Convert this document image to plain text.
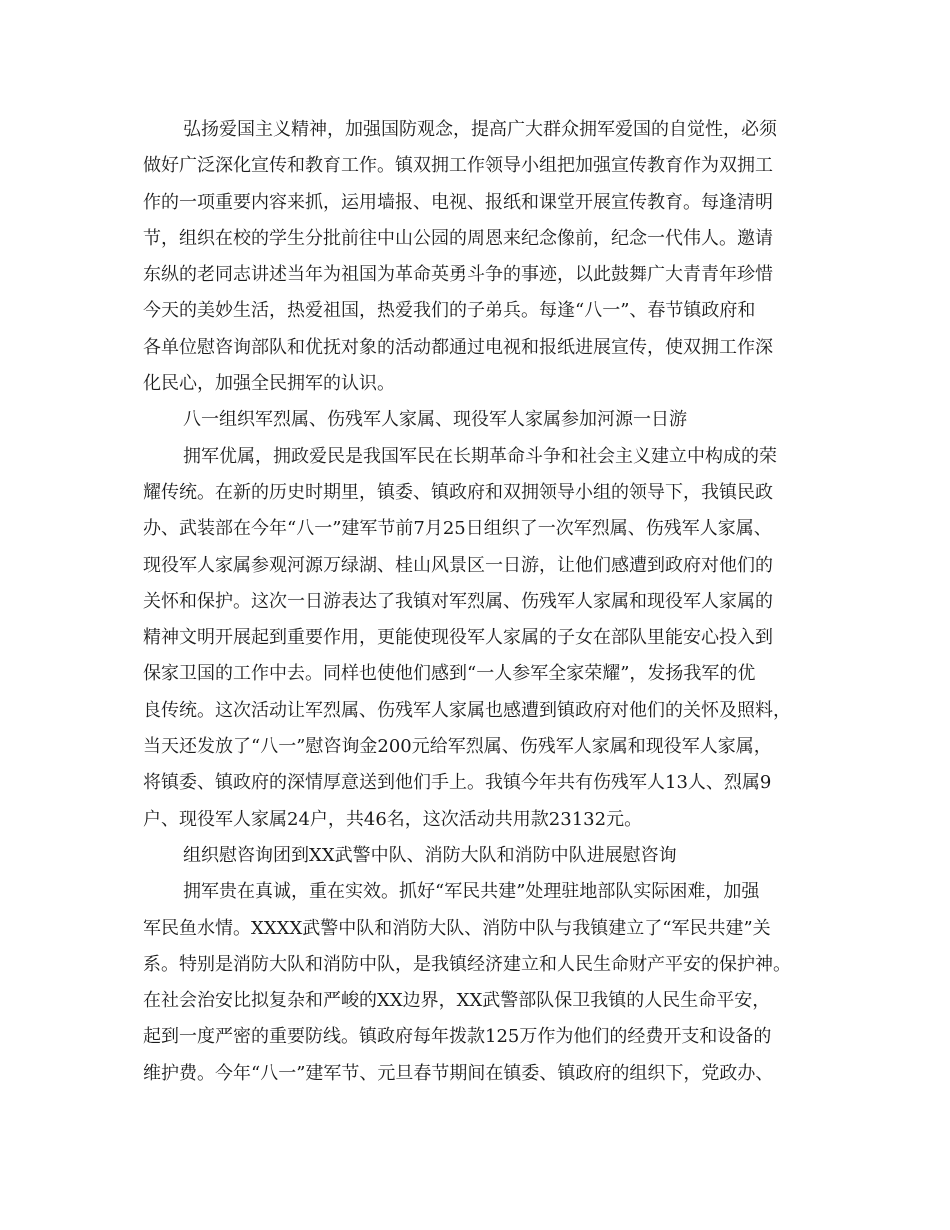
弘扬爱国主义精神，加强国防观念，提高广大群众拥军爱国的自觉性，必须
做好广泛深化宣传和教育工作。镇双拥工作领导小组把加强宣传教育作为双拥工
作的一项重要内容来抓，运用墙报、电视、报纸和课堂开展宣传教育。每逢清明
节，组织在校的学生分批前往中山公园的周恩来纪念像前，纪念一代伟人。邀请
东纵的老同志讲述当年为祖国为革命英勇斗争的事迹，以此鼓舞广大青青年珍惜
今天的美妙生活，热爱祖国，热爱我们的子弟兵。每逢“八一”、春节镇政府和
各单位慰咨询部队和优抚对象的活动都通过电视和报纸进展宣传，使双拥工作深
化民心，加强全民拥军的认识。
八一组织军烈属、伤残军人家属、现役军人家属参加河源一日游
拥军优属，拥政爱民是我国军民在长期革命斗争和社会主义建立中构成的荣
耀传统。在新的历史时期里，镇委、镇政府和双拥领导小组的领导下，我镇民政
办、武装部在今年“八一”建军节前7月25日组织了一次军烈属、伤残军人家属、
现役军人家属参观河源万绿湖、桂山风景区一日游，让他们感遭到政府对他们的
关怀和保护。这次一日游表达了我镇对军烈属、伤残军人家属和现役军人家属的
精神文明开展起到重要作用，更能使现役军人家属的子女在部队里能安心投入到
保家卫国的工作中去。同样也使他们感到“一人参军全家荣耀”，发扬我军的优
良传统。这次活动让军烈属、伤残军人家属也感遭到镇政府对他们的关怀及照料，
当天还发放了“八一”慰咨询金200元给军烈属、伤残军人家属和现役军人家属，
将镇委、镇政府的深情厚意送到他们手上。我镇今年共有伤残军人13人、烈属9
户、现役军人家属24户，共46名，这次活动共用款23132元。
组织慰咨询团到XX武警中队、消防大队和消防中队进展慰咨询
拥军贵在真诚，重在实效。抓好“军民共建”处理驻地部队实际困难，加强
军民鱼水情。XXXX武警中队和消防大队、消防中队与我镇建立了“军民共建”关
系。特别是消防大队和消防中队，是我镇经济建立和人民生命财产平安的保护神。
在社会治安比拟复杂和严峻的XX边界，XX武警部队保卫我镇的人民生命平安，
起到一度严密的重要防线。镇政府每年拨款125万作为他们的经费开支和设备的
维护费。今年“八一”建军节、元旦春节期间在镇委、镇政府的组织下，党政办、
